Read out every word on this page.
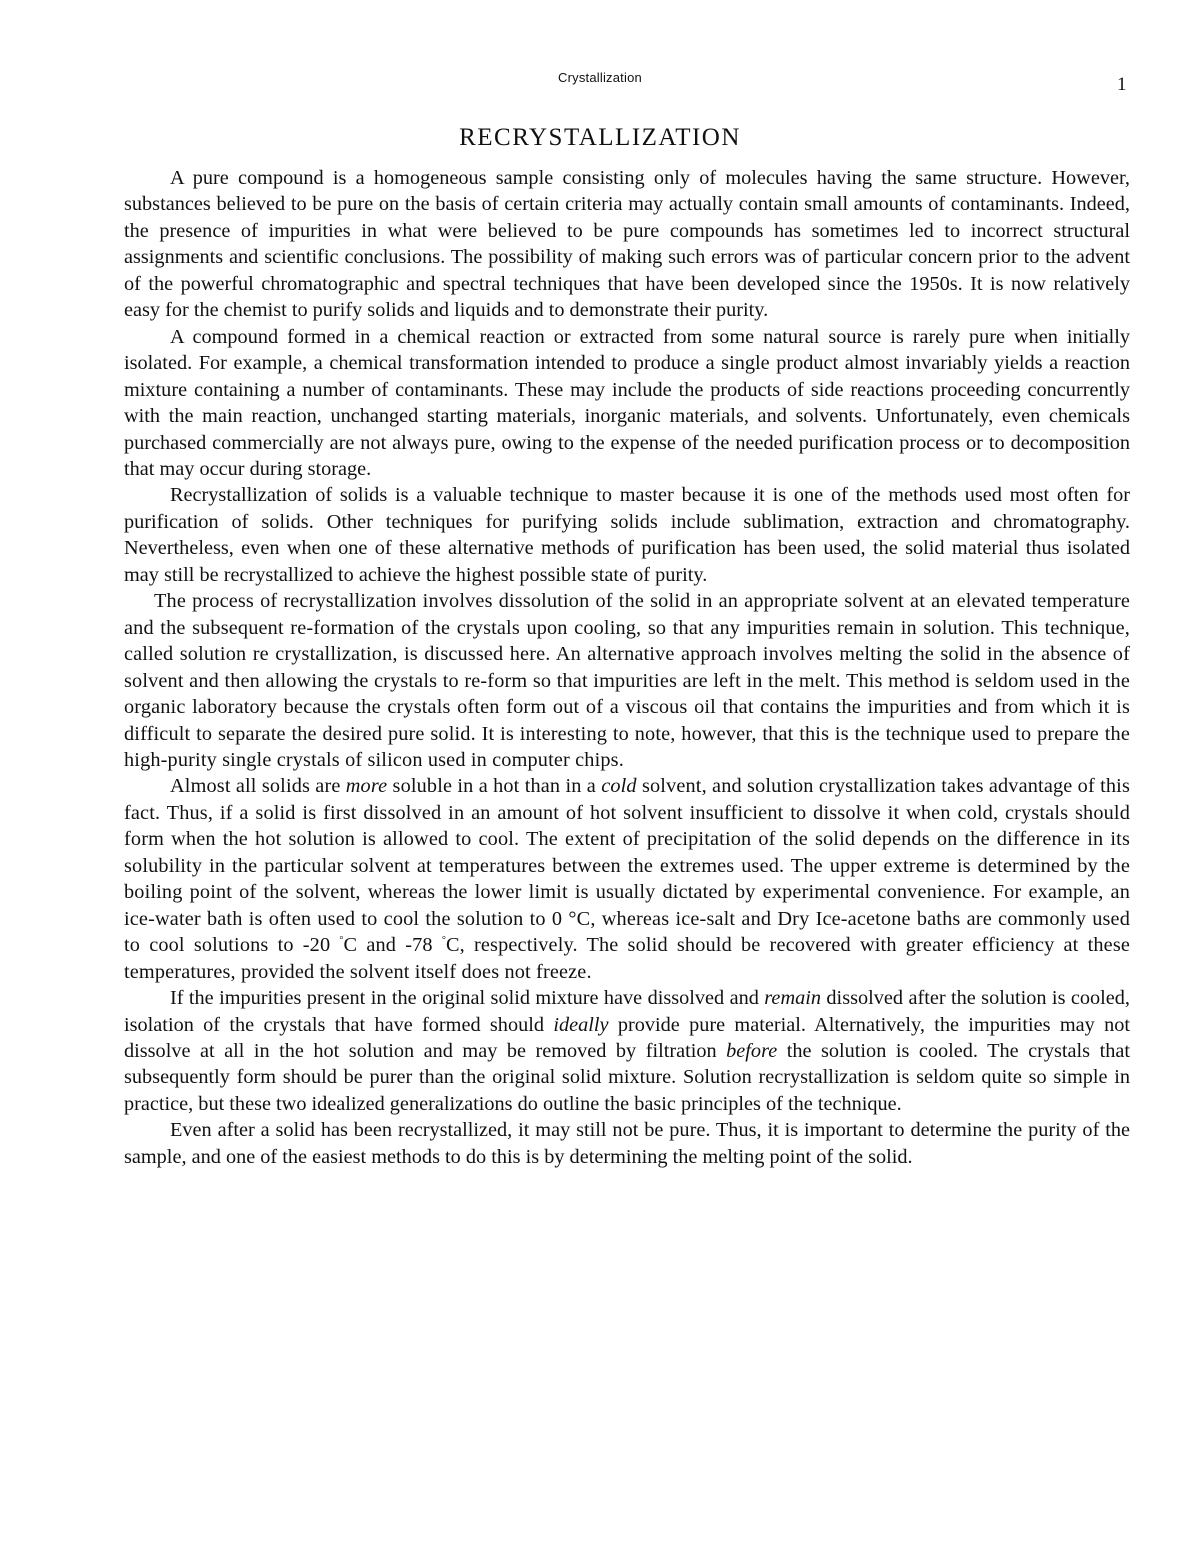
Crystallization	1
RECRYSTALLIZATION

A pure compound is a homogeneous sample consisting only of molecules having the same structure. However, substances believed to be pure on the basis of certain criteria may actually contain small amounts of contaminants. Indeed, the presence of impurities in what were believed to be pure compounds has sometimes led to incorrect structural assignments and scientific conclusions. The possibility of making such errors was of particular concern prior to the advent of the powerful chromatographic and spectral techniques that have been developed since the 1950s. It is now relatively easy for the chemist to purify solids and liquids and to demonstrate their purity.

A compound formed in a chemical reaction or extracted from some natural source is rarely pure when initially isolated. For example, a chemical transformation intended to produce a single product almost invariably yields a reaction mixture containing a number of contaminants. These may include the products of side reactions proceeding concurrently with the main reaction, unchanged starting materials, inorganic materials, and solvents. Unfortunately, even chemicals purchased commercially are not always pure, owing to the expense of the needed purification process or to decomposition that may occur during storage.

Recrystallization of solids is a valuable technique to master because it is one of the methods used most often for purification of solids. Other techniques for purifying solids include sublimation, extraction and chromatography. Nevertheless, even when one of these alternative methods of purification has been used, the solid material thus isolated may still be recrystallized to achieve the highest possible state of purity.

The process of recrystallization involves dissolution of the solid in an appropriate solvent at an elevated temperature and the subsequent re-formation of the crystals upon cooling, so that any impurities remain in solution. This technique, called solution re crystallization, is discussed here. An alternative approach involves melting the solid in the absence of solvent and then allowing the crystals to re-form so that impurities are left in the melt. This method is seldom used in the organic laboratory because the crystals often form out of a viscous oil that contains the impurities and from which it is difficult to separate the desired pure solid. It is interesting to note, however, that this is the technique used to prepare the high-purity single crystals of silicon used in computer chips.

Almost all solids are more soluble in a hot than in a cold solvent, and solution crystallization takes advantage of this fact. Thus, if a solid is first dissolved in an amount of hot solvent insufficient to dissolve it when cold, crystals should form when the hot solution is allowed to cool. The extent of precipitation of the solid depends on the difference in its solubility in the particular solvent at temperatures between the extremes used. The upper extreme is determined by the boiling point of the solvent, whereas the lower limit is usually dictated by experimental convenience. For example, an ice-water bath is often used to cool the solution to 0 °C, whereas ice-salt and Dry Ice-acetone baths are commonly used to cool solutions to -20 °C and -78 °C, respectively. The solid should be recovered with greater efficiency at these temperatures, provided the solvent itself does not freeze.

If the impurities present in the original solid mixture have dissolved and remain dissolved after the solution is cooled, isolation of the crystals that have formed should ideally provide pure material. Alternatively, the impurities may not dissolve at all in the hot solution and may be removed by filtration before the solution is cooled. The crystals that subsequently form should be purer than the original solid mixture. Solution recrystallization is seldom quite so simple in practice, but these two idealized generalizations do outline the basic principles of the technique.

Even after a solid has been recrystallized, it may still not be pure. Thus, it is important to determine the purity of the sample, and one of the easiest methods to do this is by determining the melting point of the solid.
